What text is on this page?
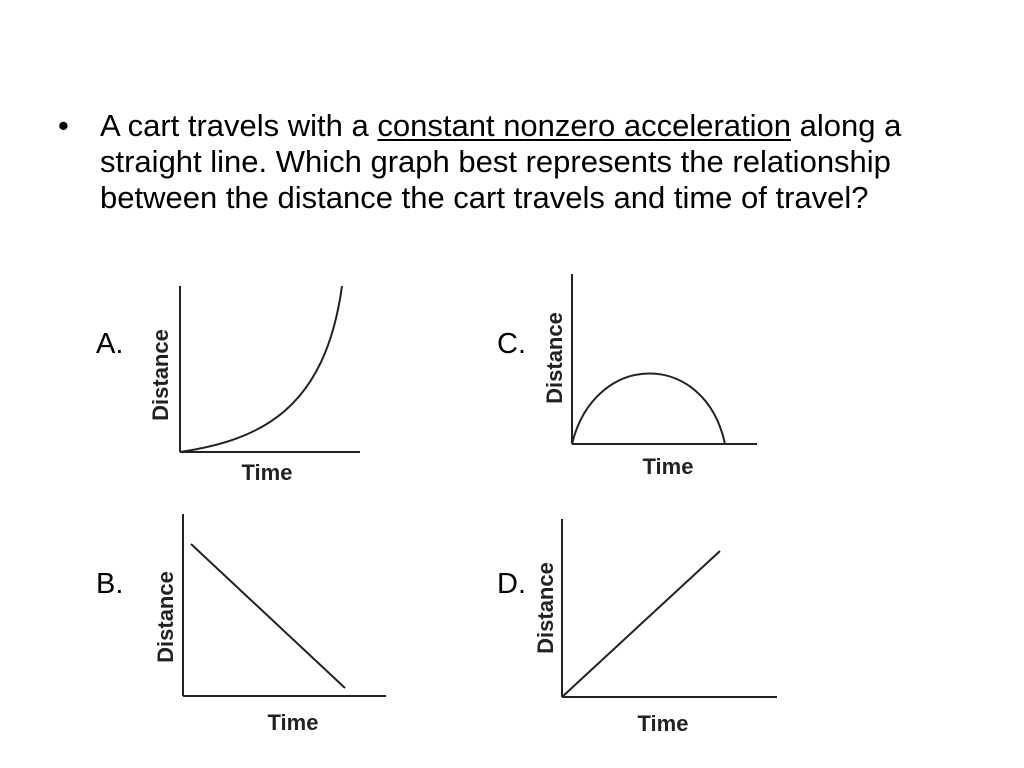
• A cart travels with a constant nonzero acceleration along a straight line. Which graph best represents the relationship between the distance the cart travels and time of travel?
A.
Time
Distance
B.
Time
Distance
C.
Time
Distance
D.
Time
Distance
